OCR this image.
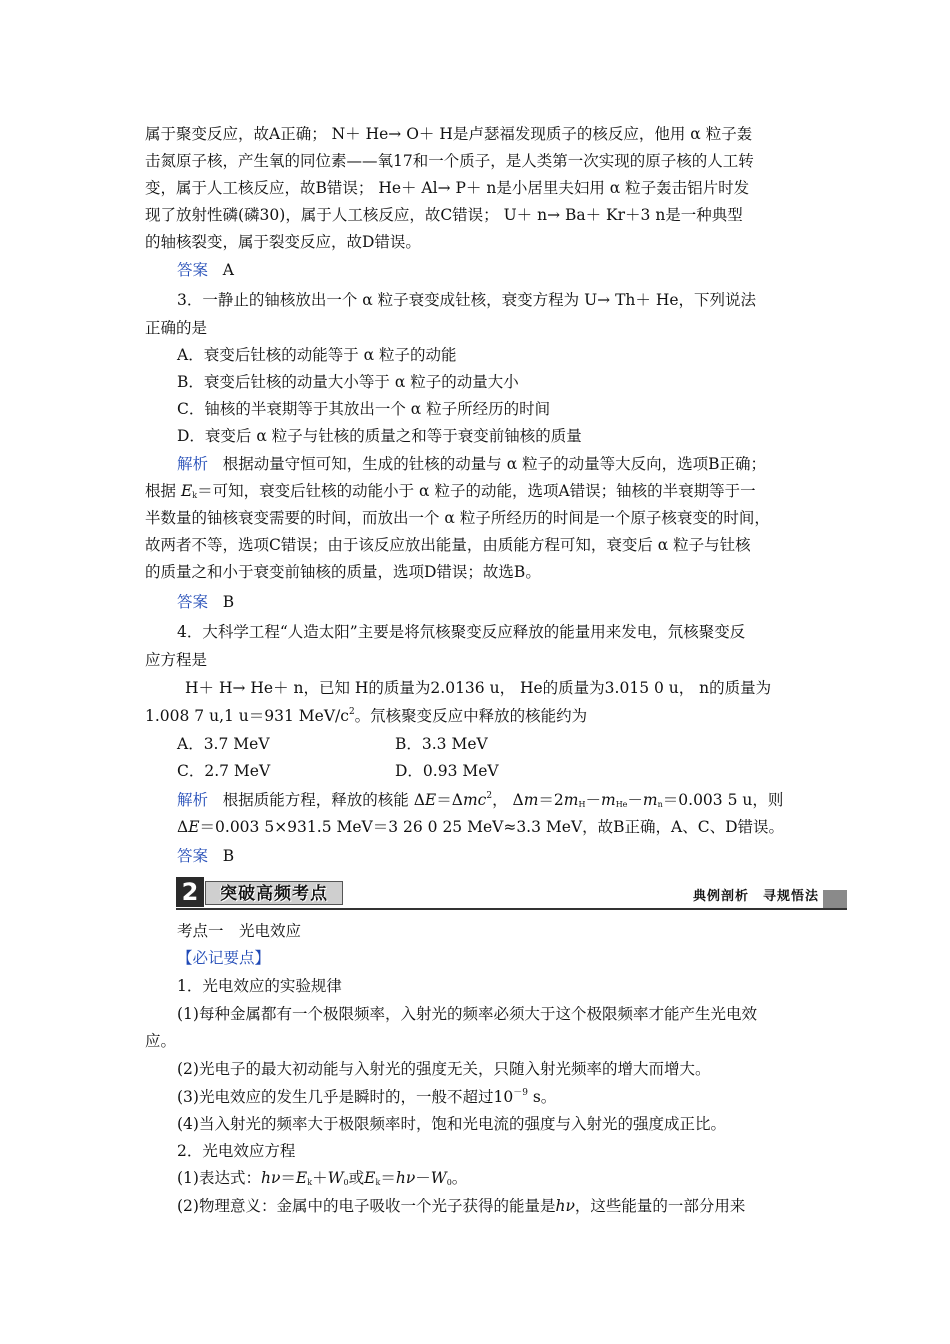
属于聚变反应，故A正确； N＋ He→ O＋ H是卢瑟福发现质子的核反应，他用 α 粒子轰
击氮原子核，产生氧的同位素——氧17和一个质子，是人类第一次实现的原子核的人工转
变，属于人工核反应，故B错误； He＋ Al→ P＋ n是小居里夫妇用 α 粒子轰击铝片时发
现了放射性磷(磷30)，属于人工核反应，故C错误； U＋ n→ Ba＋ Kr＋3 n是一种典型
的轴核裂变，属于裂变反应，故D错误。
答案 A
3．一静止的铀核放出一个 α 粒子衰变成钍核，衰变方程为 U→ Th＋ He，下列说法
正确的是
A．衰变后钍核的动能等于 α 粒子的动能
B．衰变后钍核的动量大小等于 α 粒子的动量大小
C．铀核的半衰期等于其放出一个 α 粒子所经历的时间
D．衰变后 α 粒子与钍核的质量之和等于衰变前铀核的质量
解析 根据动量守恒可知，生成的钍核的动量与 α 粒子的动量等大反向，选项B正确；
根据 $E_k=$可知，衰变后钍核的动能小于 α 粒子的动能，选项A错误；铀核的半衰期等于一
半数量的铀核衰变需要的时间，而放出一个 α 粒子所经历的时间是一个原子核衰变的时间，
故两者不等，选项C错误；由于该反应放出能量，由质能方程可知，衰变后 α 粒子与钍核
的质量之和小于衰变前铀核的质量，选项D错误；故选B。
答案 B
4．大科学工程“人造太阳”主要是将氘核聚变反应释放的能量用来发电，氘核聚变反
应方程是
H＋ H→ He＋ n，已知 H的质量为2.0136 u， He的质量为3.015 0 u， n的质量为
1.008 7 u,1 u＝931 MeV/$c^2$。氘核聚变反应中释放的核能约为
A．3.7 MeV	B．3.3 MeV
C．2.7 MeV	D．0.93 MeV
解析 根据质能方程，释放的核能 ΔE＝Δmc$^2$， $\Delta m=2m_H-m_{He}-m_n=0.003$ 5 u，则
ΔE＝0.003 5×931.5 MeV＝3 26 0 25 MeV≈3.3 MeV，故B正确，A、C、D错误。
答案 B
2	突破高频考点	典例剖析　寻规悟法
考点一　光电效应
【必记要点】
1．光电效应的实验规律
(1)每种金属都有一个极限频率，入射光的频率必须大于这个极限频率才能产生光电效
应。
(2)光电子的最大初动能与入射光的强度无关，只随入射光频率的增大而增大。
(3)光电效应的发生几乎是瞬时的，一般不超过$10^{-9}$ s。
(4)当入射光的频率大于极限频率时，饱和光电流的强度与入射光的强度成正比。
2．光电效应方程
(1)表达式：$h\nu=E_k+W_0$或$E_k=h\nu-W_0$。
(2)物理意义：金属中的电子吸收一个光子获得的能量是hν，这些能量的一部分用来
